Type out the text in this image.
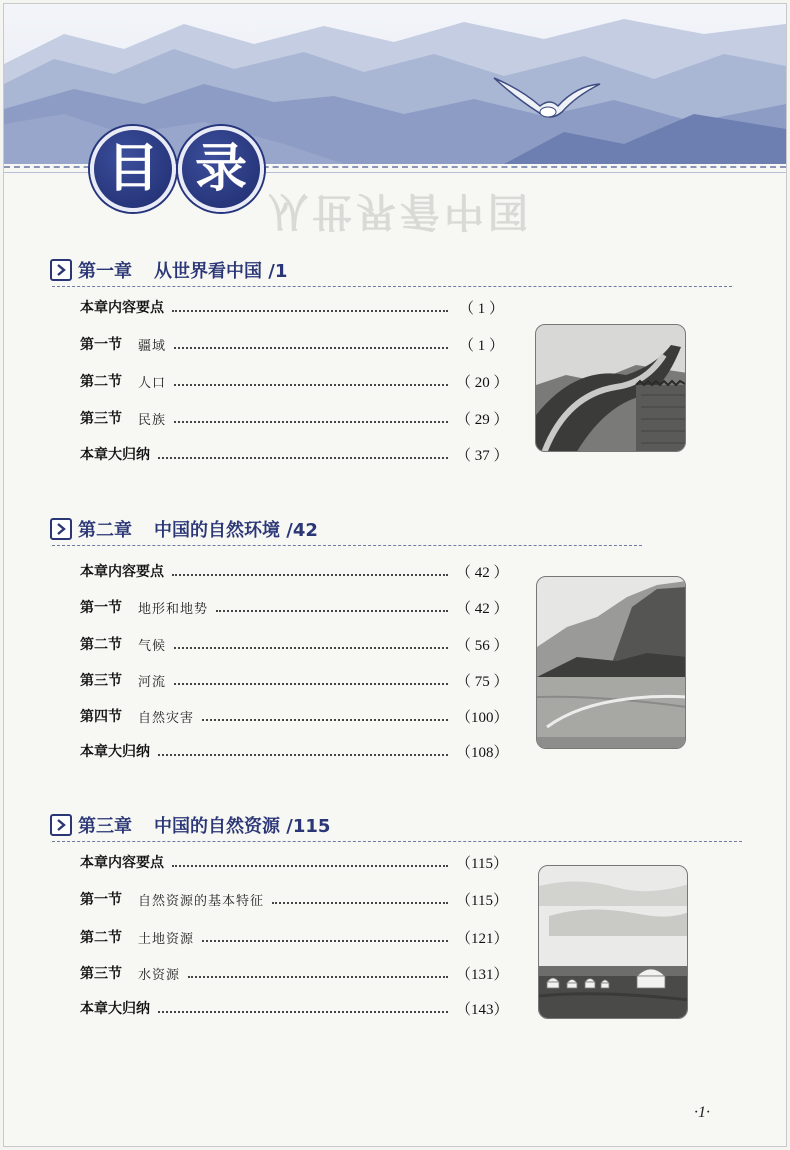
目 录
从世界看中国
第一章 从世界看中国 /1
本章内容要点	（ 1 ）
第一节 疆域	（ 1 ）
第二节 人口	（ 20 ）
第三节 民族	（ 29 ）
本章大归纳	（ 37 ）
第二章 中国的自然环境 /42
本章内容要点	（ 42 ）
第一节 地形和地势	（ 42 ）
第二节 气候	（ 56 ）
第三节 河流	（ 75 ）
第四节 自然灾害	（100）
本章大归纳	（108）
第三章 中国的自然资源 /115
本章内容要点	（115）
第一节 自然资源的基本特征	（115）
第二节 土地资源	（121）
第三节 水资源	（131）
本章大归纳	（143）
·1·
